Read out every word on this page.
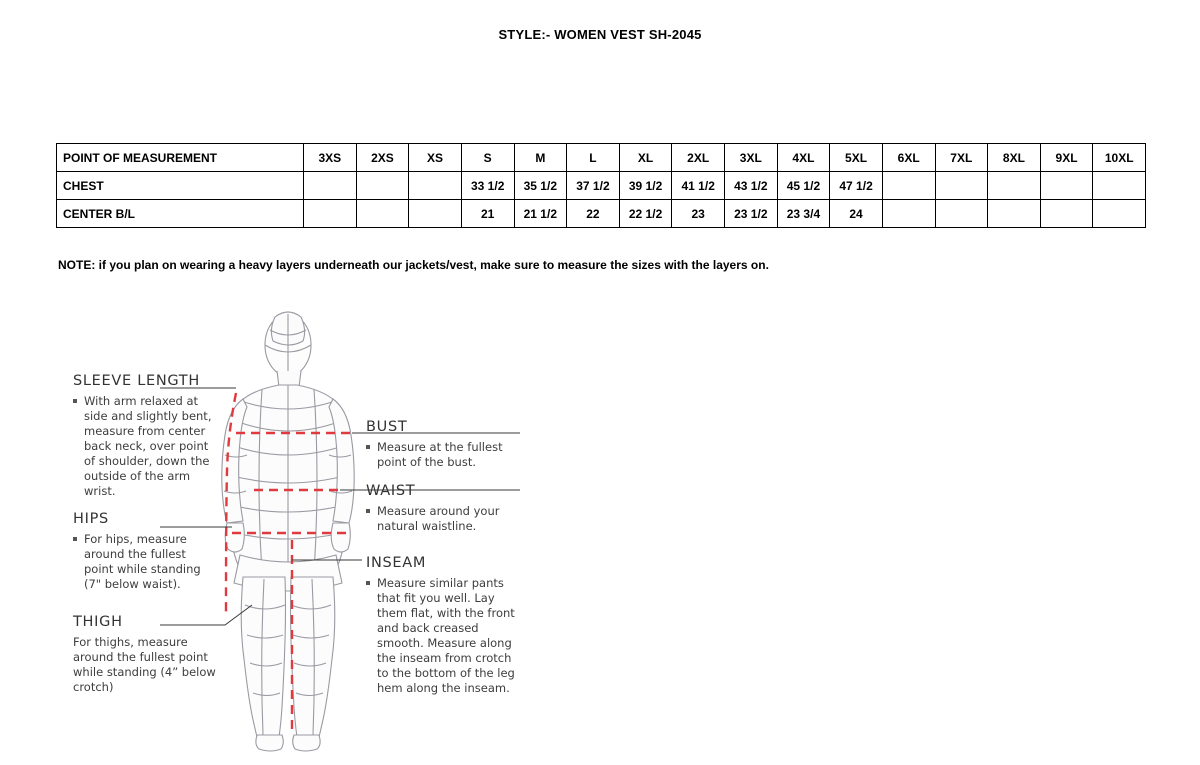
STYLE:- WOMEN VEST SH-2045
POINT OF MEASUREMENT	3XS	2XS	XS	S	M	L	XL	2XL	3XL	4XL	5XL	6XL	7XL	8XL	9XL	10XL
CHEST				33 1/2	35 1/2	37 1/2	39 1/2	41 1/2	43 1/2	45 1/2	47 1/2					
CENTER B/L				21	21 1/2	22	22 1/2	23	23 1/2	23 3/4	24					
NOTE: if you plan on wearing a heavy layers underneath our jackets/vest, make sure to measure the sizes with the layers on.
SLEEVE LENGTH
With arm relaxed at side and slightly bent, measure from center back neck, over point of shoulder, down the outside of the arm wrist.
HIPS
For hips, measure around the fullest point while standing (7" below waist).
THIGH
For thighs, measure around the fullest point while standing (4” below crotch)
BUST
Measure at the fullest point of the bust.
WAIST
Measure around your natural waistline.
INSEAM
Measure similar pants that fit you well. Lay them flat, with the front and back creased smooth. Measure along the inseam from crotch to the bottom of the leg hem along the inseam.
